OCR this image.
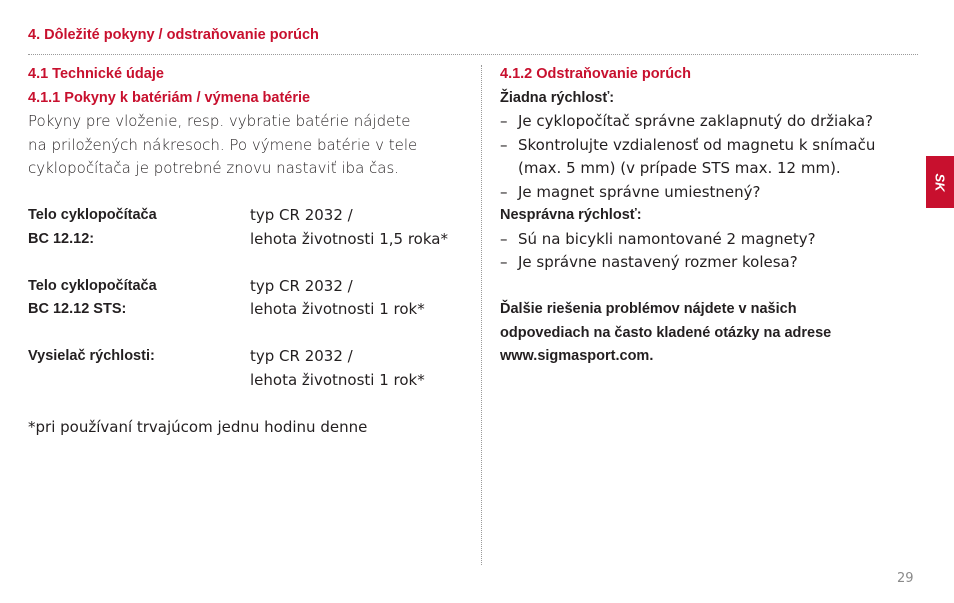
4. Dôležité pokyny / odstraňovanie porúch
4.1 Technické údaje
4.1.1 Pokyny k batériám / výmena batérie
Pokyny pre vloženie, resp. vybratie batérie nájdete
na priložených nákresoch. Po výmene batérie v tele
cyklopočítača je potrebné znovu nastaviť iba čas.
Telo cyklopočítača
BC 12.12:
typ CR 2032 /
lehota životnosti 1,5 roka*
Telo cyklopočítača
BC 12.12 STS:
typ CR 2032 /
lehota životnosti 1 rok*
Vysielač rýchlosti:	typ CR 2032 /
lehota životnosti 1 rok*
*pri používaní trvajúcom jednu hodinu denne
4.1.2 Odstraňovanie porúch
Žiadna rýchlosť:
– Je cyklopočítač správne zaklapnutý do držiaka?
– Skontrolujte vzdialenosť od magnetu k snímaču
(max. 5 mm) (v prípade STS max. 12 mm).
– Je magnet správne umiestnený?
Nesprávna rýchlosť:
– Sú na bicykli namontované 2 magnety?
– Je správne nastavený rozmer kolesa?
Ďalšie riešenia problémov nájdete v našich
odpovediach na často kladené otázky na adrese
www.sigmasport.com.
SK
29
